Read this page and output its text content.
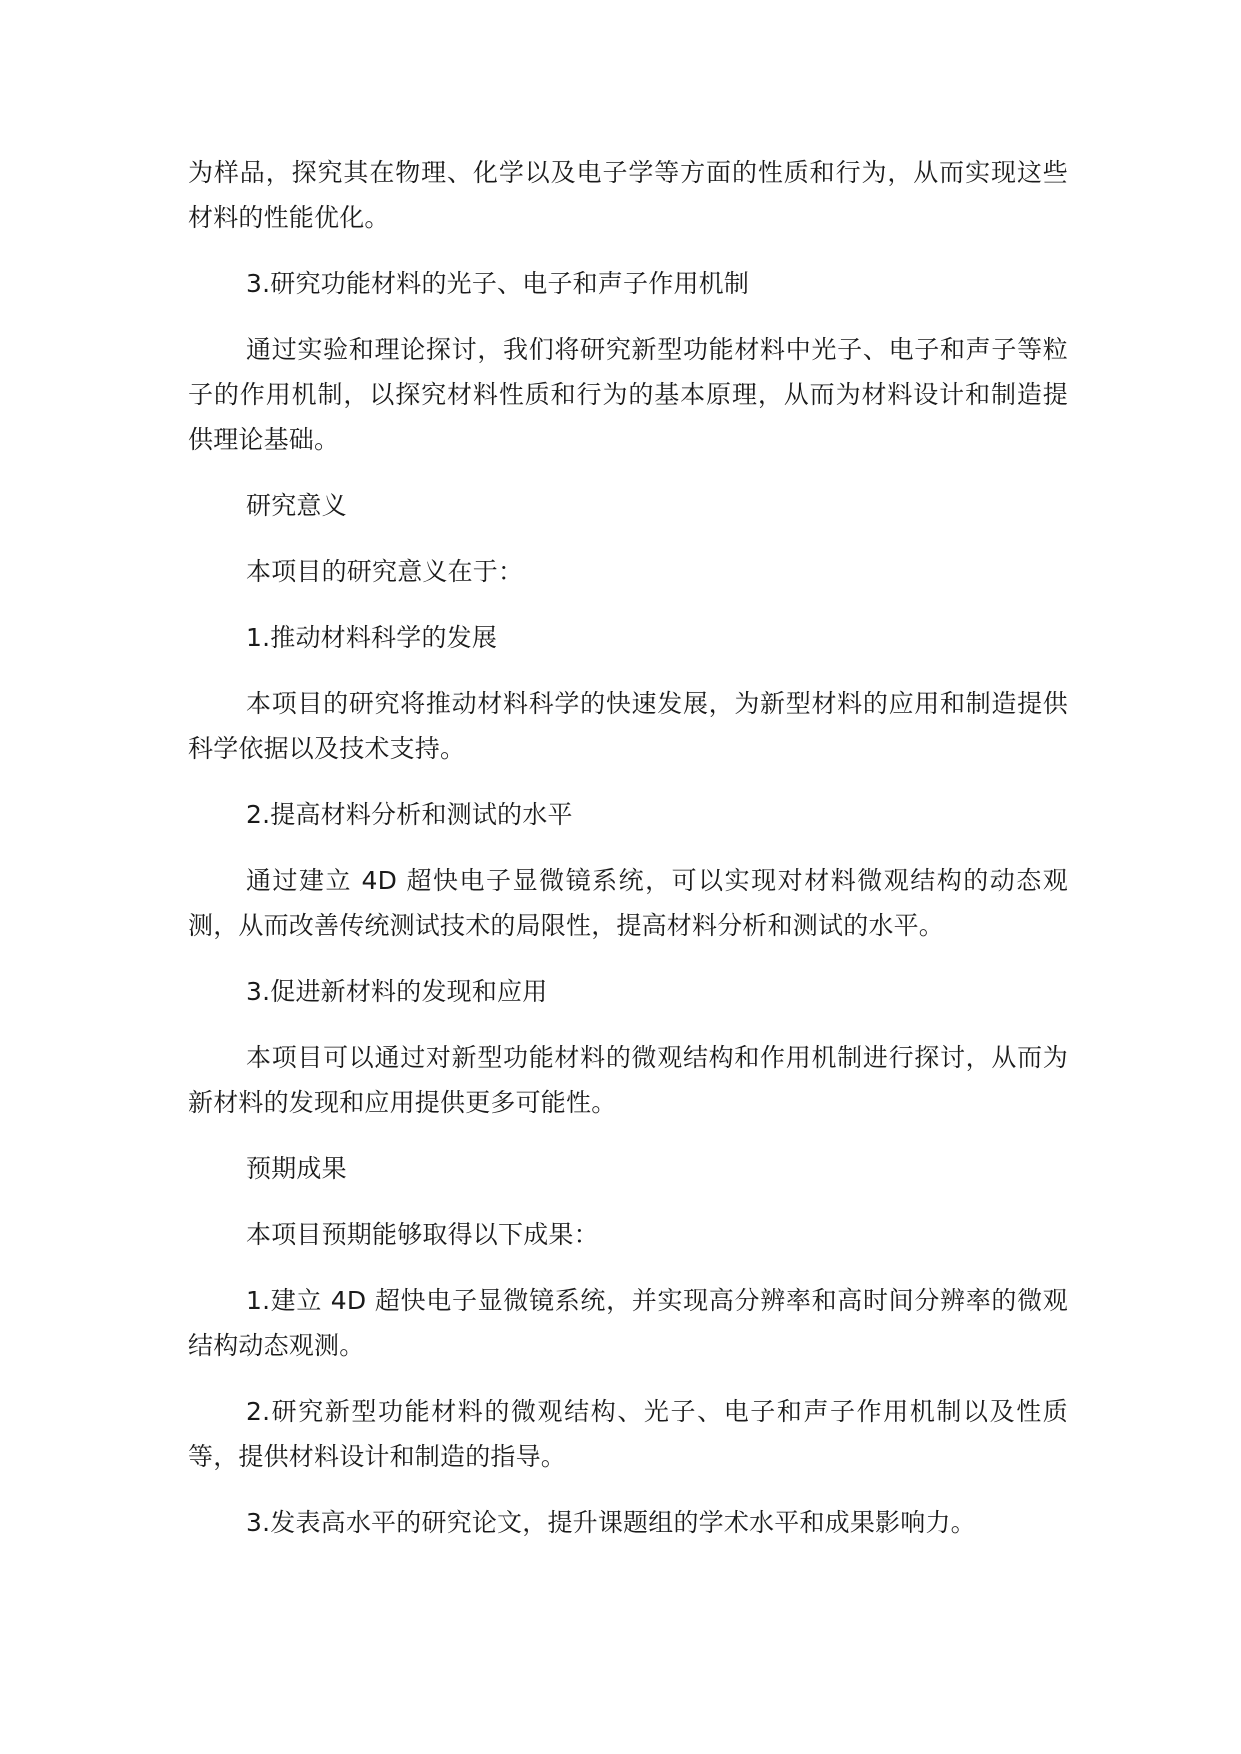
为样品，探究其在物理、化学以及电子学等方面的性质和行为，从而实现这些材料的性能优化。

3.研究功能材料的光子、电子和声子作用机制

通过实验和理论探讨，我们将研究新型功能材料中光子、电子和声子等粒子的作用机制，以探究材料性质和行为的基本原理，从而为材料设计和制造提供理论基础。

研究意义

本项目的研究意义在于：

1.推动材料科学的发展

本项目的研究将推动材料科学的快速发展，为新型材料的应用和制造提供科学依据以及技术支持。

2.提高材料分析和测试的水平

通过建立 4D 超快电子显微镜系统，可以实现对材料微观结构的动态观测，从而改善传统测试技术的局限性，提高材料分析和测试的水平。

3.促进新材料的发现和应用

本项目可以通过对新型功能材料的微观结构和作用机制进行探讨，从而为新材料的发现和应用提供更多可能性。

预期成果

本项目预期能够取得以下成果：

1.建立 4D 超快电子显微镜系统，并实现高分辨率和高时间分辨率的微观结构动态观测。

2.研究新型功能材料的微观结构、光子、电子和声子作用机制以及性质等，提供材料设计和制造的指导。

3.发表高水平的研究论文，提升课题组的学术水平和成果影响力。
